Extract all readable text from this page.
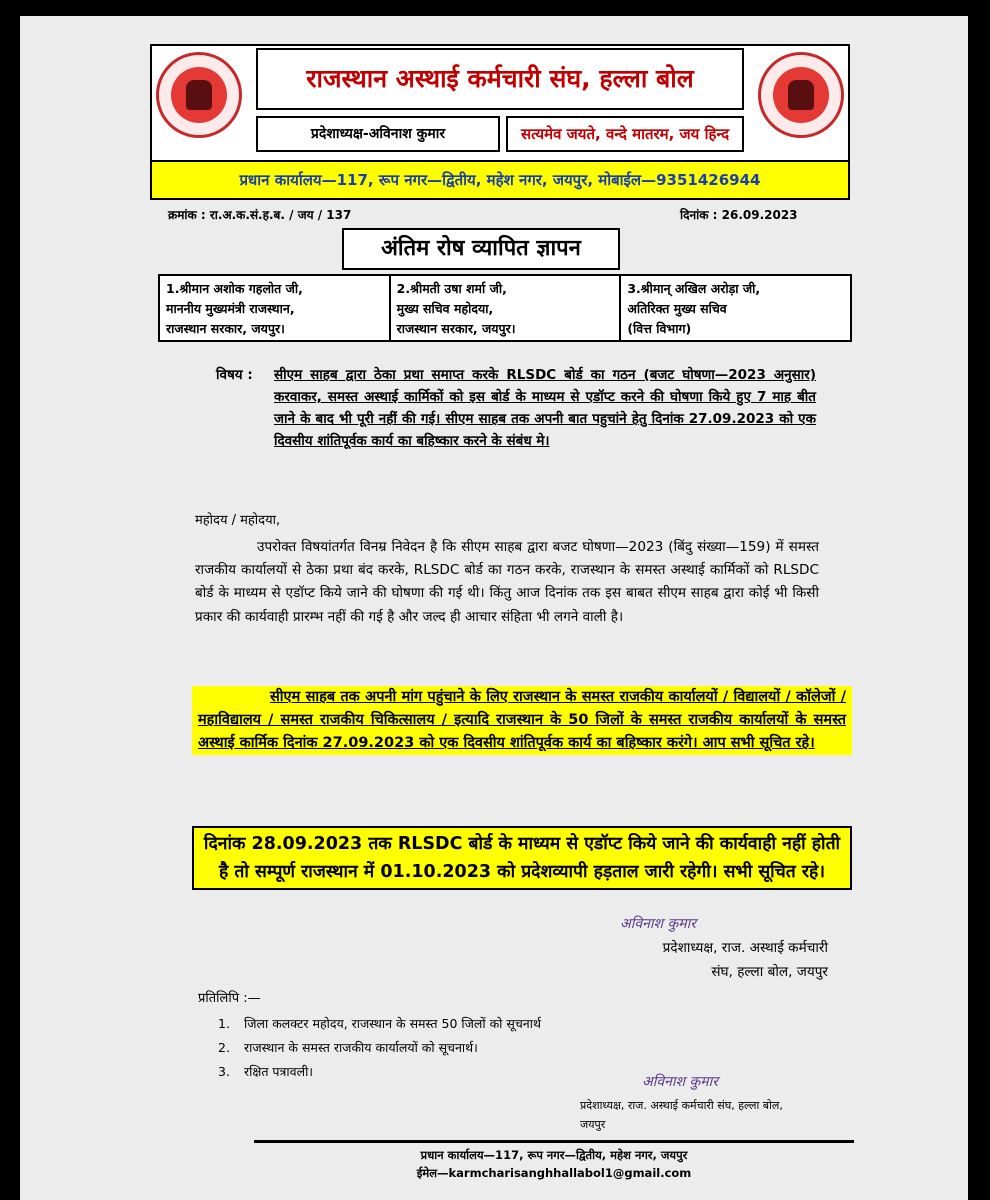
राजस्थान अस्थाई कर्मचारी संघ, हल्ला बोल
प्रदेशाध्यक्ष-अविनाश कुमार	सत्यमेव जयते, वन्दे मातरम, जय हिन्द
प्रधान कार्यालय—117, रूप नगर—द्वितीय, महेश नगर, जयपुर, मोबाईल—9351426944
क्रमांक : रा.अ.क.सं.ह.ब. / जय / 137	दिनांक : 26.09.2023
अंतिम रोष व्यापित ज्ञापन
1.श्रीमान अशोक गहलोत जी,
माननीय मुख्यमंत्री राजस्थान,
राजस्थान सरकार, जयपुर।
2.श्रीमती उषा शर्मा जी,
मुख्य सचिव महोदया,
राजस्थान सरकार, जयपुर।
3.श्रीमान् अखिल अरोड़ा जी,
अतिरिक्त मुख्य सचिव
(वित्त विभाग)
विषय : सीएम साहब द्वारा ठेका प्रथा समाप्त करके RLSDC बोर्ड का गठन (बजट घोषणा—2023 अनुसार) करवाकर, समस्त अस्थाई कार्मिकों को इस बोर्ड के माध्यम से एडॉप्ट करने की घोषणा किये हुए 7 माह बीत जाने के बाद भी पूरी नहीं की गई। सीएम साहब तक अपनी बात पहुचांने हेतु दिनांक 27.09.2023 को एक दिवसीय शांतिपूर्वक कार्य का बहिष्कार करने के संबंध मे।
महोदय / महोदया,

उपरोक्त विषयांतर्गत विनम्र निवेदन है कि सीएम साहब द्वारा बजट घोषणा—2023 (बिंदु संख्या—159) में समस्त राजकीय कार्यालयों से ठेका प्रथा बंद करके, RLSDC बोर्ड का गठन करके, राजस्थान के समस्त अस्थाई कार्मिकों को RLSDC बोर्ड के माध्यम से एडॉप्ट किये जाने की घोषणा की गई थी। किंतु आज दिनांक तक इस बाबत सीएम साहब द्वारा कोई भी किसी प्रकार की कार्यवाही प्रारम्भ नहीं की गई है और जल्द ही आचार संहिता भी लगने वाली है।

सीएम साहब तक अपनी मांग पहुंचाने के लिए राजस्थान के समस्त राजकीय कार्यालयों / विद्यालयों / कॉलेजों / महाविद्यालय / समस्त राजकीय चिकित्सालय / इत्यादि राजस्थान के 50 जिलों के समस्त राजकीय कार्यालयों के समस्त अस्थाई कार्मिक दिनांक 27.09.2023 को एक दिवसीय शांतिपूर्वक कार्य का बहिष्कार करंगे। आप सभी सूचित रहे।
दिनांक 28.09.2023 तक RLSDC बोर्ड के माध्यम से एडॉप्ट किये जाने की कार्यवाही नहीं होती है तो सम्पूर्ण राजस्थान में 01.10.2023 को प्रदेशव्यापी हड़ताल जारी रहेगी। सभी सूचित रहे।
अविनाश कुमार
प्रदेशाध्यक्ष, राज. अस्थाई कर्मचारी
संघ, हल्ला बोल, जयपुर
प्रतिलिपि :—
1. जिला कलक्टर महोदय, राजस्थान के समस्त 50 जिलों को सूचनार्थ
2. राजस्थान के समस्त राजकीय कार्यालयों को सूचनार्थ।
3. रक्षित पत्रावली।
अविनाश कुमार
प्रदेशाध्यक्ष, राज. अस्थाई कर्मचारी संघ, हल्ला बोल,
जयपुर
प्रधान कार्यालय—117, रूप नगर—द्वितीय, महेश नगर, जयपुर
ईमेल—karmcharisanghhallabol1@gmail.com
